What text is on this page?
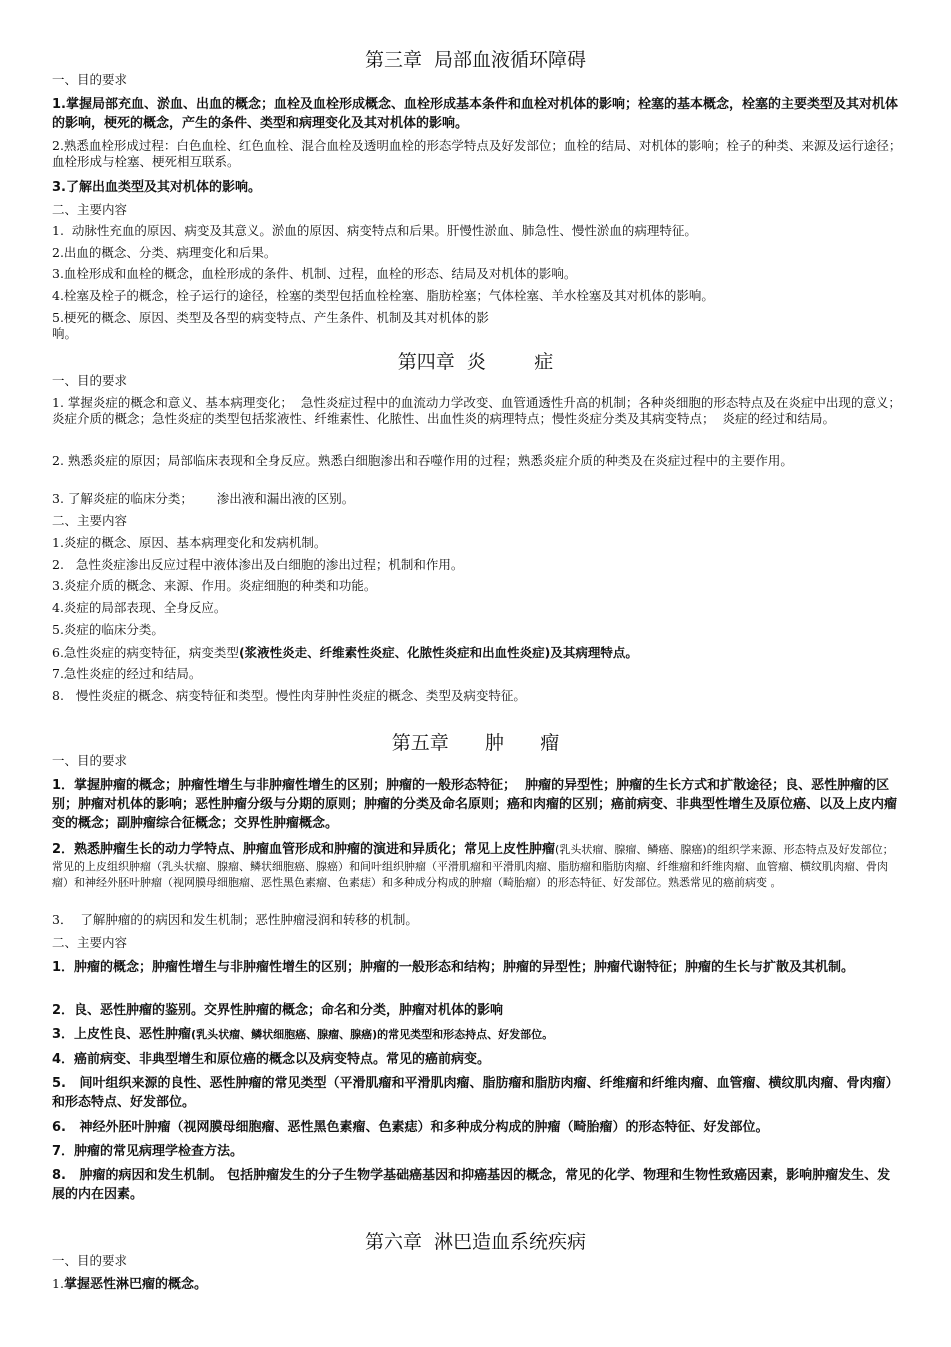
第三章  局部血液循环障碍
一、目的要求
1.掌握局部充血、淤血、出血的概念；血栓及血栓形成概念、血栓形成基本条件和血栓对机体的影响；栓塞的基本概念，栓塞的主要类型及其对机体的影响，梗死的概念，产生的条件、类型和病理变化及其对机体的影响。
2.熟悉血栓形成过程：白色血栓、红色血栓、混合血栓及透明血栓的形态学特点及好发部位；血栓的结局、对机体的影响；栓子的种类、来源及运行途径；血栓形成与栓塞、梗死相互联系。
3.了解出血类型及其对机体的影响。
二、主要内容
1.  动脉性充血的原因、病变及其意义。淤血的原因、病变特点和后果。肝慢性淤血、肺急性、慢性淤血的病理特征。
2.出血的概念、分类、病理变化和后果。
3.血栓形成和血栓的概念，血栓形成的条件、机制、过程，血栓的形态、结局及对机体的影响。
4.栓塞及栓子的概念，栓子运行的途径，栓塞的类型包括血栓栓塞、脂肪栓塞；气体栓塞、羊水栓塞及其对机体的影响。
5.梗死的概念、原因、类型及各型的病变特点、产生条件、机制及其对机体的影
响。
第四章  炎        症
一、目的要求
1. 掌握炎症的概念和意义、基本病理变化；  急性炎症过程中的血流动力学改变、血管通透性升高的机制；各种炎细胞的形态特点及在炎症中出现的意义；  炎症介质的概念；急性炎症的类型包括浆液性、纤维素性、化脓性、出血性炎的病理特点；慢性炎症分类及其病变特点；  炎症的经过和结局。
2. 熟悉炎症的原因；局部临床表现和全身反应。熟悉白细胞渗出和吞噬作用的过程；熟悉炎症介质的种类及在炎症过程中的主要作用。
3. 了解炎症的临床分类；      渗出液和漏出液的区别。
二、主要内容
1.炎症的概念、原因、基本病理变化和发病机制。
2.   急性炎症渗出反应过程中液体渗出及白细胞的渗出过程；机制和作用。
3.炎症介质的概念、来源、作用。炎症细胞的种类和功能。
4.炎症的局部表现、全身反应。
5.炎症的临床分类。
6.急性炎症的病变特征，病变类型(浆液性炎走、纤维素性炎症、化脓性炎症和出血性炎症)及其病理特点。
7.急性炎症的经过和结局。
8.   慢性炎症的概念、病变特征和类型。慢性肉芽肿性炎症的概念、类型及病变特征。
第五章      肿      瘤
一、目的要求
1．掌握肿瘤的概念；肿瘤性增生与非肿瘤性增生的区别；肿瘤的一般形态特征；  肿瘤的异型性；肿瘤的生长方式和扩散途径；良、恶性肿瘤的区别；肿瘤对机体的影响；恶性肿瘤分级与分期的原则；肿瘤的分类及命名原则；癌和肉瘤的区别；癌前病变、非典型性增生及原位癌、以及上皮内瘤变的概念；副肿瘤综合征概念；交界性肿瘤概念。
2．熟悉肿瘤生长的动力学特点、肿瘤血管形成和肿瘤的演进和异质化；常见上皮性肿瘤(乳头状瘤、腺瘤、鳞癌、腺癌)的组织学来源、形态特点及好发部位；常见的上皮组织肿瘤（乳头状瘤、腺瘤、鳞状细胞癌、腺癌）和间叶组织肿瘤（平滑肌瘤和平滑肌肉瘤、脂肪瘤和脂肪肉瘤、纤维瘤和纤维肉瘤、血管瘤、横纹肌肉瘤、骨肉瘤）和神经外胚叶肿瘤（视网膜母细胞瘤、恶性黑色素瘤、色素痣）和多种成分构成的肿瘤（畸胎瘤）的形态特征、好发部位。熟悉常见的癌前病变 。
3．  了解肿瘤的的病因和发生机制；恶性肿瘤浸润和转移的机制。
二、主要内容
1．肿瘤的概念；肿瘤性增生与非肿瘤性增生的区别；肿瘤的一般形态和结构；肿瘤的异型性；肿瘤代谢特征；肿瘤的生长与扩散及其机制。
2．良、恶性肿瘤的鉴别。交界性肿瘤的概念；命名和分类，肿瘤对机体的影响
3．上皮性良、恶性肿瘤(乳头状瘤、鳞状细胞癌、腺瘤、腺癌)的常见类型和形态持点、好发部位。
4．癌前病变、非典型增生和原位癌的概念以及病变特点。常见的癌前病变。
5.   间叶组织来源的良性、恶性肿瘤的常见类型（平滑肌瘤和平滑肌肉瘤、脂肪瘤和脂肪肉瘤、纤维瘤和纤维肉瘤、血管瘤、横纹肌肉瘤、骨肉瘤）和形态特点、好发部位。
6.   神经外胚叶肿瘤（视网膜母细胞瘤、恶性黑色素瘤、色素痣）和多种成分构成的肿瘤（畸胎瘤）的形态特征、好发部位。
7．肿瘤的常见病理学检查方法。
8.   肿瘤的病因和发生机制。 包括肿瘤发生的分子生物学基础癌基因和抑癌基因的概念，常见的化学、物理和生物性致癌因素，影响肿瘤发生、发展的内在因素。
第六章  淋巴造血系统疾病
一、目的要求
1.掌握恶性淋巴瘤的概念。
